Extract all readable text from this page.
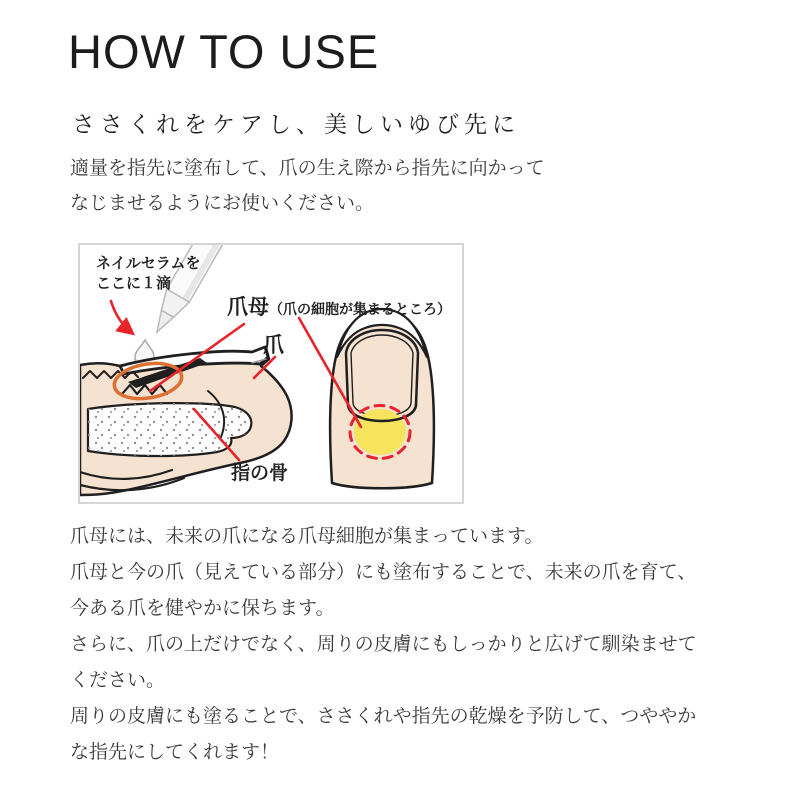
HOW TO USE
ささくれをケアし、美しいゆび先に
適量を指先に塗布して、爪の生え際から指先に向かって
なじませるようにお使いください。
ネイルセラムを
ここに１滴
爪母 （爪の細胞が集まるところ）
爪
指の骨
爪母には、未来の爪になる爪母細胞が集まっています。
爪母と今の爪（見えている部分）にも塗布することで、未来の爪を育て、
今ある爪を健やかに保ちます。
さらに、爪の上だけでなく、周りの皮膚にもしっかりと広げて馴染ませて
ください。
周りの皮膚にも塗ることで、ささくれや指先の乾燥を予防して、つややか
な指先にしてくれます！
